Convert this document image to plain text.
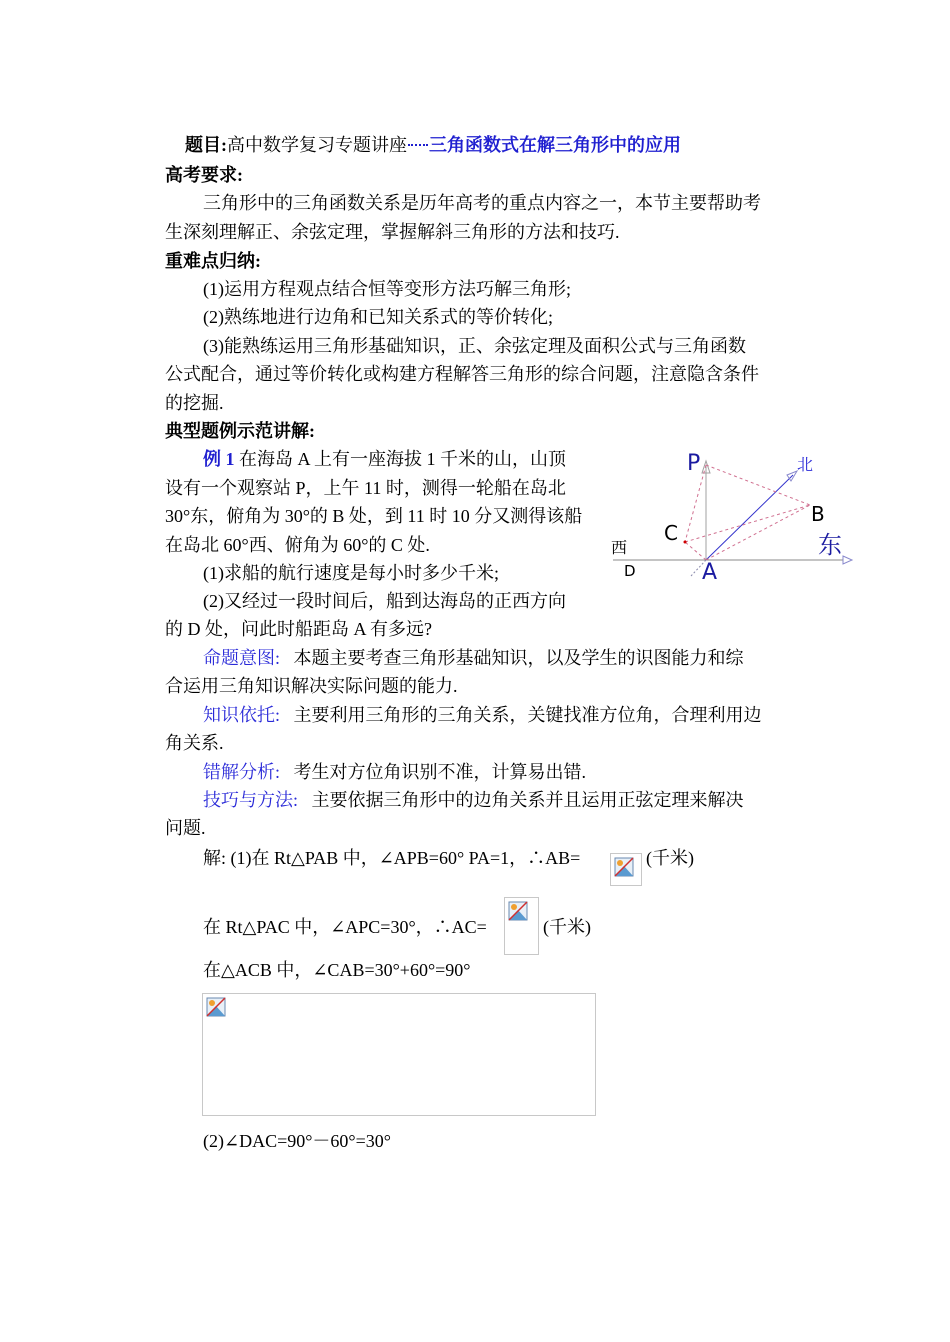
题目:高中数学复习专题讲座 三角函数式在解三角形中的应用
高考要求:
三角形中的三角函数关系是历年高考的重点内容之一，本节主要帮助考
生深刻理解正、余弦定理，掌握解斜三角形的方法和技巧.
重难点归纳:
(1)运用方程观点结合恒等变形方法巧解三角形;
(2)熟练地进行边角和已知关系式的等价转化;
(3)能熟练运用三角形基础知识，正、余弦定理及面积公式与三角函数
公式配合，通过等价转化或构建方程解答三角形的综合问题，注意隐含条件
的挖掘.
典型题例示范讲解:
例 1 在海岛 A 上有一座海拔 1 千米的山，山顶
设有一个观察站 P，上午 11 时，测得一轮船在岛北
30°东，俯角为 30°的 B 处，到 11 时 10 分又测得该船
在岛北 60°西、俯角为 60°的 C 处.
(1)求船的航行速度是每小时多少千米;
(2)又经过一段时间后，船到达海岛的正西方向
的 D 处，问此时船距岛 A 有多远?
P	北
B
C	东
西
D	A
命题意图: 本题主要考查三角形基础知识，以及学生的识图能力和综
合运用三角知识解决实际问题的能力.
知识依托: 主要利用三角形的三角关系，关键找准方位角，合理利用边
角关系.
错解分析: 考生对方位角识别不准，计算易出错.
技巧与方法: 主要依据三角形中的边角关系并且运用正弦定理来解决
问题.
解: (1)在 Rt△PAB 中，∠APB=60° PA=1，∴AB=	(千米)
在 Rt△PAC 中，∠APC=30°，∴AC=	(千米)
在△ACB 中，∠CAB=30°+60°=90°
(2)∠DAC=90°－60°=30°
